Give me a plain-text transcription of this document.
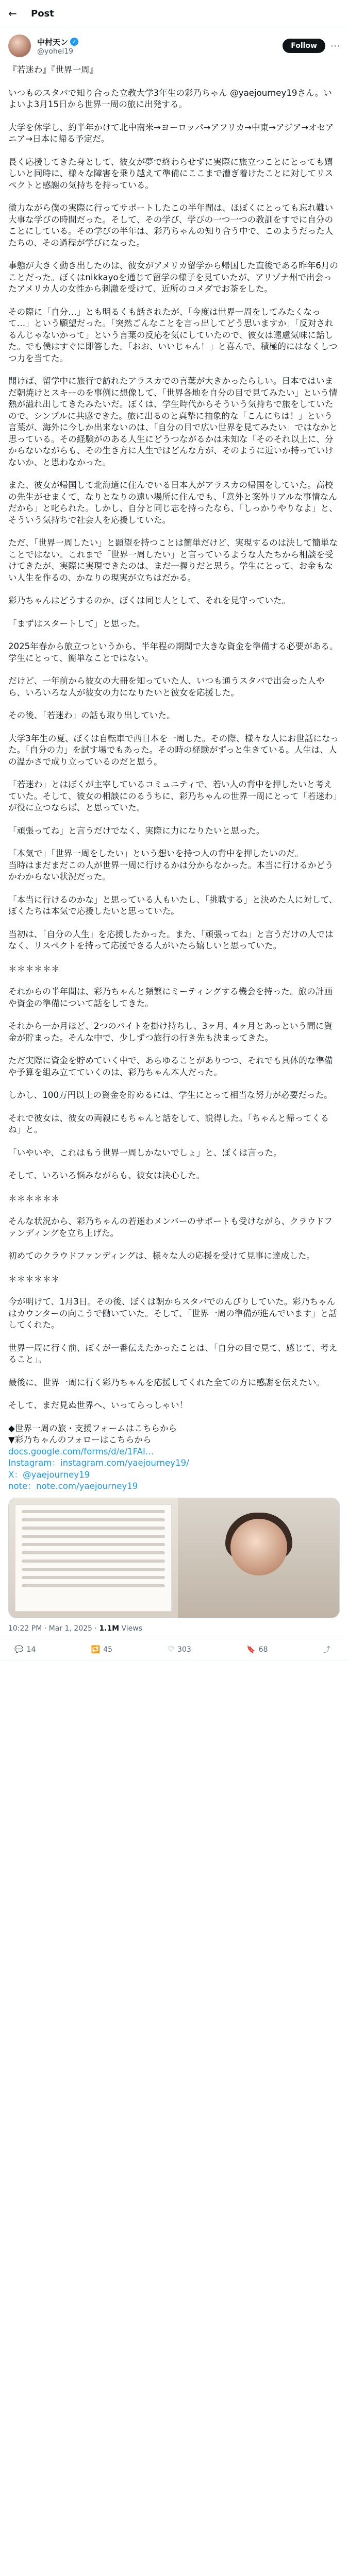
←	Post
中村天ン ✓
@yohei19
Follow	⋯

『若迷わ』『世界一周』

いつものスタバで知り合った立教大学3年生の彩乃ちゃん @yaejourney19さん。いよいよ3月15日から世界一周の旅に出発する。

大学を休学し、約半年かけて北中南米→ヨーロッパ→アフリカ→中東→アジア→オセアニア→日本に帰る予定だ。

長く応援してきた身として、彼女が夢で終わらせずに実際に旅立つことにとっても嬉しいと同時に、様々な障害を乗り越えて準備にここまで漕ぎ着けたことに対してリスペクトと感謝の気持ちを持っている。

微力ながら僕の実際に行ってサポートしたこの半年間は、ほぼくにとっても忘れ難い大事な学びの時間だった。そして、その学び、学びの一つ一つの教訓をすでに自分のことにしている。その学びの半年は、彩乃ちゃんの知り合う中で、このようだった人たちの、その過程が学びになった。

事態が大きく動き出したのは、彼女がアメリカ留学から帰国した直後である昨年6月のことだった。ぼくはnikkayoを通じて留学の様子を見ていたが、アリゾナ州で出会ったアメリカ人の女性から刺激を受けて、近所のコメダでお茶をした。

その際に「自分…」とも明るくも話されたが、「今度は世界一周をしてみたくなって…」という願望だった。「突然ごんなことを言っ出してどう思いますか」「反対されるんじゃないかって」という言葉の反応を気にしていたので、彼女は遠慮気味に話した。でも僕はすぐに即答した。「おお、いいじゃん！」と喜んで、積極的にはなくしつつ力を当てた。

聞けば、留学中に旅行で訪れたアラスカでの言葉が大きかったらしい。日本ではいまだ朝焼けとスキーのを事例に想像して、「世界各地を自分の目で見てみたい」という情熱が溢れ出してきたみたいだ。ぼくは、学生時代からそういう気持ちで旅をしていたので、シンプルに共感できた。旅に出るのと真摯に抽象的な「こんにちは！」という言葉が、海外に今しか出来ないのは、「自分の目で広い世界を見てみたい」ではなかと思っている。その経験がのある人生にどうつながるかは未知な「そのそれ以上に、分からないながらも、その生き方に人生ではどんな方が、そのように近いか持っていけないか、と思わなかった。

また、彼女が帰国して北海道に住んでいる日本人がアラスカの帰国をしていた。高校の先生がせまくて、なりとなりの遠い場所に住んでも、「意外と案外リアルな事情なんだから」と叱られた。しかし、自分と同じ志を持ったなら、「しっかりやりなよ」と、そういう気持ちで社会人を応援していた。

ただ、「世界一周したい」と顕望を持つことは簡単だけど、実現するのは決して簡単なことではない。これまで「世界一周したい」と言っているような人たちから相談を受けてきたが、実際に実現できたのは、まだ一握りだと思う。学生にとって、お金もない人生を作るの、かなりの現実が立ちはだかる。

彩乃ちゃんはどうするのか、ぼくは同じ人として、それを見守っていた。

「まずはスタートして」と思った。

2025年春から旅立つというから、半年程の期間で大きな資金を準備する必要がある。学生にとって、簡単なことではない。

だけど、一年前から彼女の大冊を知っていた人、いつも通うスタバで出会った人やら、いろいろな人が彼女の力になりたいと彼女を応援した。

その後、「若迷わ」の話も取り出していた。

大学3年生の夏、ぼくは自転車で西日本を一周した。その際、様々な人にお世話になった。「自分の力」を試す場でもあった。その時の経験がずっと生きている。人生は、人の温かさで成り立っているのだと思う。

「若迷わ」とはぼくが主宰しているコミュニティで、若い人の背中を押したいと考えていた。そして、彼女の相談にのるうちに、彩乃ちゃんの世界一周にとって「若迷わ」が役に立つならば、と思っていた。

「頑張ってね」と言うだけでなく、実際に力になりたいと思った。

「本気で」「世界一周をしたい」という想いを持つ人の背中を押したいのだ。

当時はまだまだこの人が世界一周に行けるかは分からなかった。本当に行けるかどうかわからない状況だった。

「本当に行けるのかな」と思っている人もいたし、「挑戦する」と決めた人に対して、ぼくたちは本気で応援したいと思っていた。

当初は、「自分の人生」を応援したかった。また、「頑張ってね」と言うだけの人ではなく、リスペクトを持って応援できる人がいたら嬉しいと思っていた。

＊＊＊＊＊＊

それからの半年間は、彩乃ちゃんと頻繁にミーティングする機会を持った。旅の計画や資金の準備について話をしてきた。

それから一か月ほど、2つのバイトを掛け持ちし、3ヶ月、4ヶ月とあっという間に資金が貯まった。そんな中で、少しずつ旅行の行き先も決まってきた。

ただ実際に資金を貯めていく中で、あらゆることがありつつ、それでも具体的な準備や予算を組み立てていくのは、彩乃ちゃん本人だった。

しかし、100万円以上の資金を貯めるには、学生にとって相当な努力が必要だった。

それで彼女は、彼女の両親にもちゃんと話をして、説得した。「ちゃんと帰ってくるね」と。

「いやいや、これはもう世界一周しかないでしょ」と、ぼくは言った。

そして、いろいろ悩みながらも、彼女は決心した。

＊＊＊＊＊＊

そんな状況から、彩乃ちゃんの若迷わメンバーのサポートも受けながら、クラウドファンディングを立ち上げた。

初めてのクラウドファンディングは、様々な人の応援を受けて見事に達成した。

＊＊＊＊＊＊

今が明けて、1月3日。その後、ぼくは朝からスタバでのんびりしていた。彩乃ちゃんはカウンターの向こうで働いていた。そして、「世界一周の準備が進んでいます」と話してくれた。

世界一周に行く前、ぼくが一番伝えたかったことは、「自分の目で見て、感じて、考えること」。

最後に、世界一周に行く彩乃ちゃんを応援してくれた全ての方に感謝を伝えたい。

そして、まだ見ぬ世界へ、いってらっしゃい！

◆世界一周の旅・支援フォームはこちらから

▼彩乃ちゃんのフォローはこちらから

docs.google.com/forms/d/e/1FAI…

Instagram：instagram.com/yaejourney19/

X：@yaejourney19

note：note.com/yaejourney19

10:22 PM · Mar 1, 2025 · 1.1M Views
💬 14	🔁 45	♡ 303	🔖 68	⤴
